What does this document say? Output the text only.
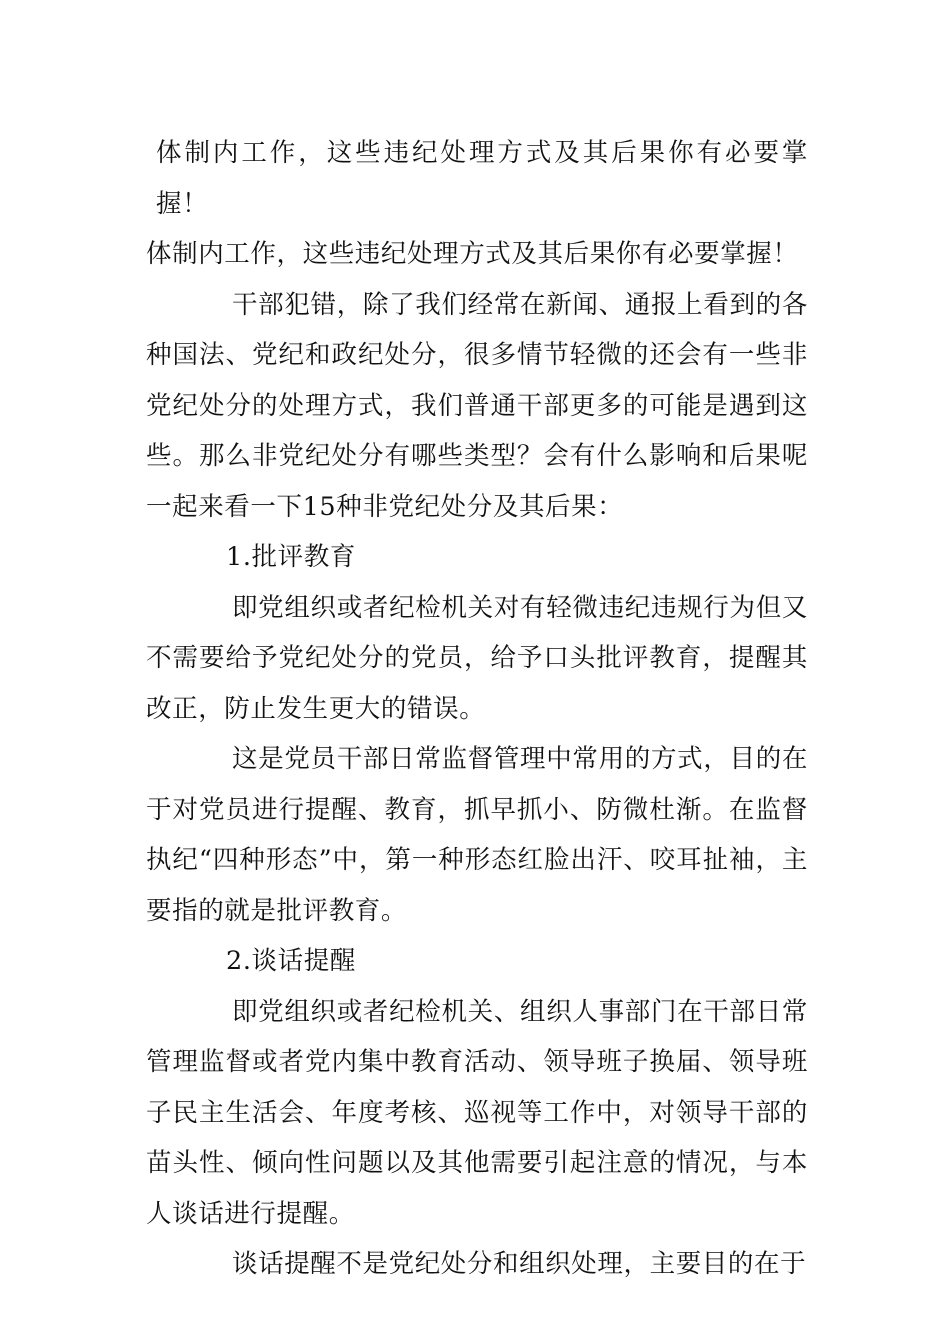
体制内工作，这些违纪处理方式及其后果你有必要掌握！

体制内工作，这些违纪处理方式及其后果你有必要掌握！

干部犯错，除了我们经常在新闻、通报上看到的各种国法、党纪和政纪处分，很多情节轻微的还会有一些非党纪处分的处理方式，我们普通干部更多的可能是遇到这些。那么非党纪处分有哪些类型？会有什么影响和后果呢一起来看一下15种非党纪处分及其后果：

1.批评教育

即党组织或者纪检机关对有轻微违纪违规行为但又不需要给予党纪处分的党员，给予口头批评教育，提醒其改正，防止发生更大的错误。

这是党员干部日常监督管理中常用的方式，目的在于对党员进行提醒、教育，抓早抓小、防微杜渐。在监督执纪“四种形态”中，第一种形态红脸出汗、咬耳扯袖，主要指的就是批评教育。

2.谈话提醒

即党组织或者纪检机关、组织人事部门在干部日常管理监督或者党内集中教育活动、领导班子换届、领导班子民主生活会、年度考核、巡视等工作中，对领导干部的苗头性、倾向性问题以及其他需要引起注意的情况，与本人谈话进行提醒。

谈话提醒不是党纪处分和组织处理，主要目的在于
